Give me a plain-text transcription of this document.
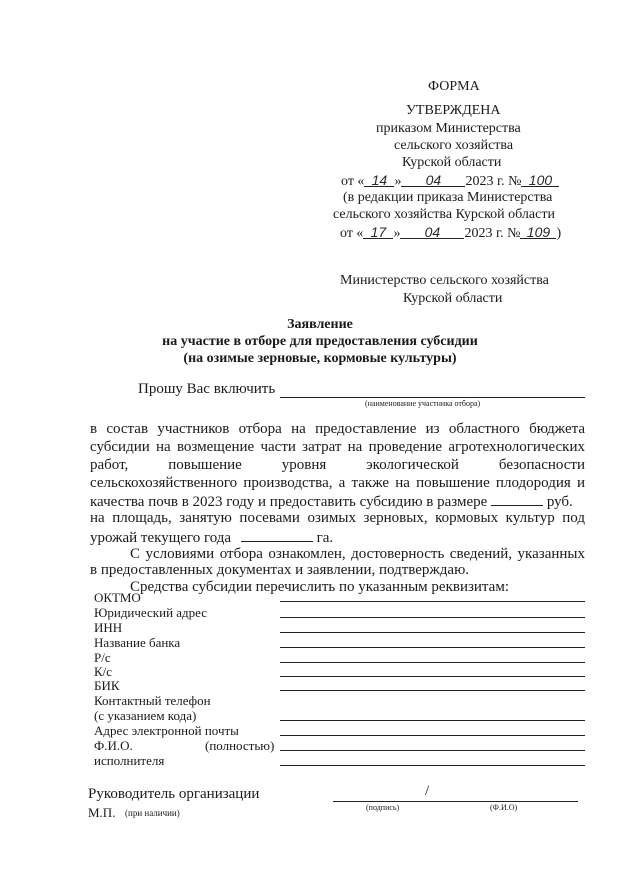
ФОРМА
УТВЕРЖДЕНА
приказом Министерства
сельского хозяйства
Курской области
от « 14 » 04 2023 г. № 100
(в редакции приказа Министерства
сельского хозяйства Курской области
от « 17 » 04 2023 г. № 109 )
Министерство сельского хозяйства
Курской области
Заявление
на участие в отборе для предоставления субсидии
(на озимые зерновые, кормовые культуры)
Прошу Вас включить
(наименование участника отбора)
в состав участников отбора на предоставление из областного бюджета
субсидии на возмещение части затрат на проведение агротехнологических
работ, повышение уровня экологической безопасности
сельскохозяйственного производства, а также на повышение плодородия и
качества почв в 2023 году и предоставить субсидию в размере	руб.
на площадь, занятую посевами озимых зерновых, кормовых культур под
урожай текущего года	га.
С условиями отбора ознакомлен, достоверность сведений, указанных
в предоставленных документах и заявлении, подтверждаю.
Средства субсидии перечислить по указанным реквизитам:
ОКТМО
Юридический адрес
ИНН
Название банка
Р/с
К/с
БИК
Контактный телефон
(с указанием кода)
Адрес электронной почты
Ф.И.О.	(полностью)
исполнителя
Руководитель организации	/
М.П. (при наличии)
(подпись)	(Ф.И.О)
